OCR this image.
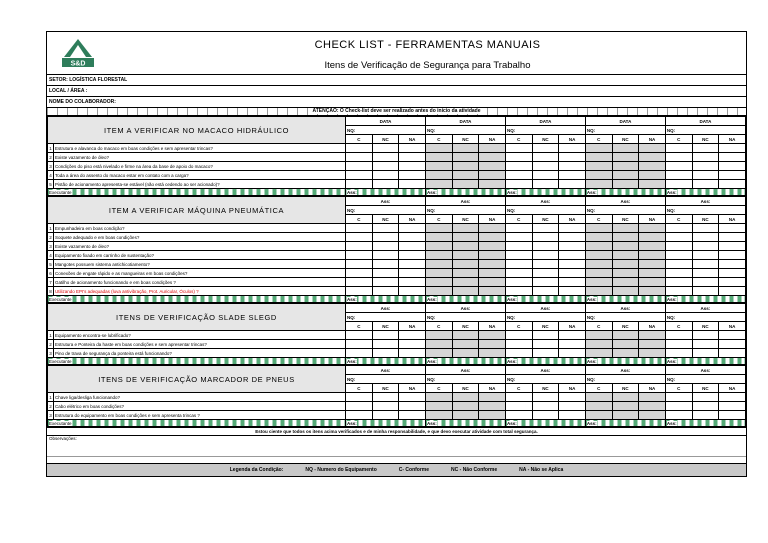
S&D
CHECK LIST - FERRAMENTAS MANUAIS
Itens de Verificação de Segurança para Trabalho
SETOR: LOGÍSTICA FLORESTAL
LOCAL / ÁREA :
NOME DO COLABORADOR:
ATENÇÃO: O Check-list deve ser realizado antes do início da atividade
ITEM A VERIFICAR NO MACACO HIDRÁULICO		DATA			DATA			DATA			DATA			DATA		
		NQ:			NQ:			NQ:			NQ:			NQ:		
		C	NC	NA	C	NC	NA	C	NC	NA	C	NC	NA	C	NC	NA
1	Estrutura e alavanca do macaco em boas condições e sem apresentar trincas?															
2	Existe vazamento de óleo?															
3	Condições do piso está nivelado e firme na área da base de apoio do macaco?															
4	Toda a área do assento do macaco estar em contato com a carga?															
5	Pistão de acionamento apresenta-se estável (não está cedendo ao ser acionado)?															
Executante		Ass:			Ass:			Ass:			Ass:			Ass:		
ITEM A VERIFICAR MÁQUINA PNEUMÁTICA		Ass:			Ass:			Ass:			Ass:			Ass:		
		NQ:			NQ:			NQ:			NQ:			NQ:		
		C	NC	NA	C	NC	NA	C	NC	NA	C	NC	NA	C	NC	NA
1	Empunhadeira em boas condição?															
2	Soquete adequado e em boas condições?															
3	Existe vazamento de óleo?															
4	Equipamento fixado em carrinho de sustentação?															
5	Mangotes possuem sistema antichicotiamento?															
6	Conexões de engate rápido e as mangueiras em boas condições?															
7	Gatilho de acionamento funcionando e em boas condições ?															
8	Utilizando EPI's adequadas (luva antivibração, Prot. Auricular, Óculos) ?															
Executante		Ass:			Ass:			Ass:			Ass:			Ass:		
ITENS DE VERIFICAÇÃO SLADE SLEGD		Ass:			Ass:			Ass:			Ass:			Ass:		
		NQ:			NQ:			NQ:			NQ:			NQ:		
		C	NC	NA	C	NC	NA	C	NC	NA	C	NC	NA	C	NC	NA
1	Equipamento encontra-se lubrificado?															
2	Estrutura e Ponteira da haste em boas condições e sem apresentar trincas?															
3	Pino de trava de segurança da ponteira está funcionando?															
Executante		Ass:			Ass:			Ass:			Ass:			Ass:		
ITENS DE VERIFICAÇÃO MARCADOR DE PNEUS		Ass:			Ass:			Ass:			Ass:			Ass:		
		NQ:			NQ:			NQ:			NQ:			NQ:		
		C	NC	NA	C	NC	NA	C	NC	NA	C	NC	NA	C	NC	NA
1	Chave liga/desliga funcionando?															
2	Cabo elétrico em boas condições?															
3	Estrutura do equipamento em boas condições e sem apresenta trincas ?															
Executante		Ass:			Ass:			Ass:			Ass:			Ass:		
Estou ciente que todos os itens acima verificados e de minha responsabilidade, e que devo executar atividade com total segurança.
Observações:
Legenda da Condição:	NQ - Numero do Equipamento	C- Conforme	NC - Não Conforme	NA - Não se Aplica
